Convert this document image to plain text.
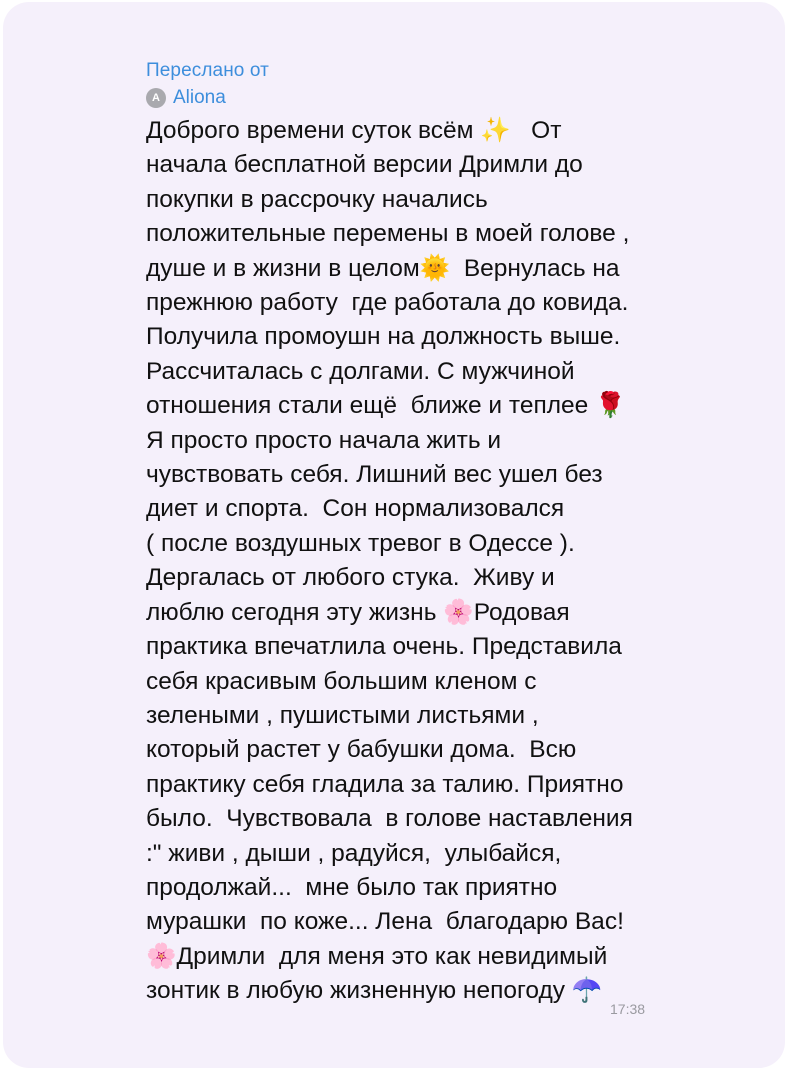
Переслано от
A Aliona
Доброго времени суток всём ✨   От
начала бесплатной версии Дримли до
покупки в рассрочку начались
положительные перемены в моей голове ,
душе и в жизни в целом🌞  Вернулась на
прежнюю работу  где работала до ковида.
Получила промоушн на должность выше.
Рассчиталась с долгами. С мужчиной
отношения стали ещё  ближе и теплее 🌹
Я просто просто начала жить и
чувствовать себя. Лишний вес ушел без
диет и спорта.  Сон нормализовался
( после воздушных тревог в Одессе ).
Дергалась от любого стука.  Живу и
люблю сегодня эту жизнь 🌸Родовая
практика впечатлила очень. Представила
себя красивым большим кленом с
зелеными , пушистыми листьями ,
который растет у бабушки дома.  Всю
практику себя гладила за талию. Приятно
было.  Чувствовала  в голове наставления
:" живи , дыши , радуйся,  улыбайся,
продолжай...  мне было так приятно
мурашки  по коже... Лена  благодарю Вас!
🌸Дримли  для меня это как невидимый
зонтик в любую жизненную непогоду ☂️
17:38
